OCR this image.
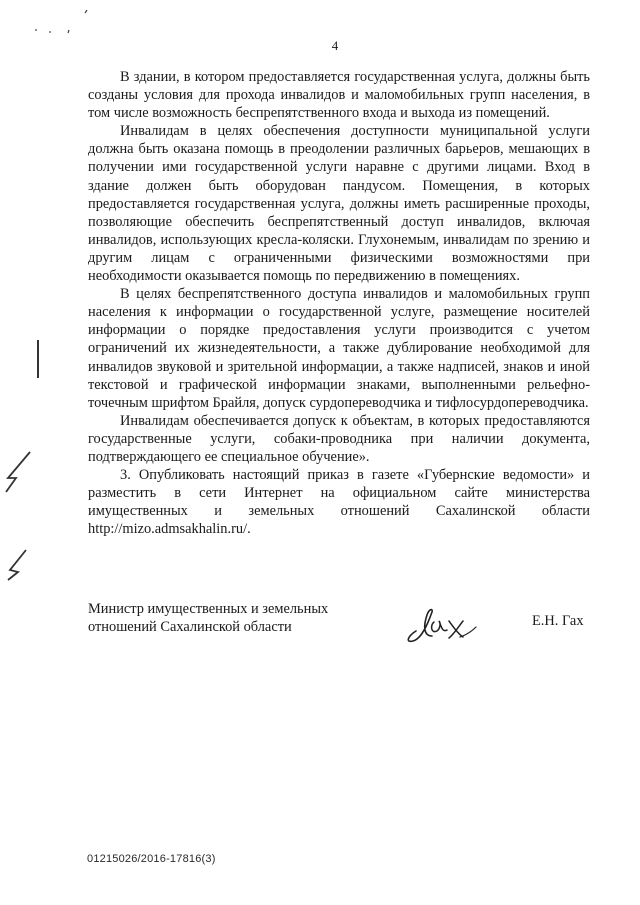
4

В здании, в котором предоставляется государственная услуга, должны быть созданы условия для прохода инвалидов и маломобильных групп населения, в том числе возможность беспрепятственного входа и выхода из помещений.

Инвалидам в целях обеспечения доступности муниципальной услуги должна быть оказана помощь в преодолении различных барьеров, мешающих в получении ими государственной услуги наравне с другими лицами. Вход в здание должен быть оборудован пандусом. Помещения, в которых предоставляется государственная услуга, должны иметь расширенные проходы, позволяющие обеспечить беспрепятственный доступ инвалидов, включая инвалидов, использующих кресла-коляски. Глухонемым, инвалидам по зрению и другим лицам с ограниченными физическими возможностями при необходимости оказывается помощь по передвижению в помещениях.

В целях беспрепятственного доступа инвалидов и маломобильных групп населения к информации о государственной услуге, размещение носителей информации о порядке предоставления услуги производится с учетом ограничений их жизнедеятельности, а также дублирование необходимой для инвалидов звуковой и зрительной информации, а также надписей, знаков и иной текстовой и графической информации знаками, выполненными рельефно-точечным шрифтом Брайля, допуск сурдопереводчика и тифлосурдопереводчика.

Инвалидам обеспечивается допуск к объектам, в которых предоставляются государственные услуги, собаки-проводника при наличии документа, подтверждающего ее специальное обучение».

3. Опубликовать настоящий приказ в газете «Губернские ведомости» и разместить в сети Интернет на официальном сайте министерства имущественных и земельных отношений Сахалинской области http://mizo.admsakhalin.ru/.

Министр имущественных и земельных
отношений Сахалинской области	Е.Н. Гах
01215026/2016-17816(3)
